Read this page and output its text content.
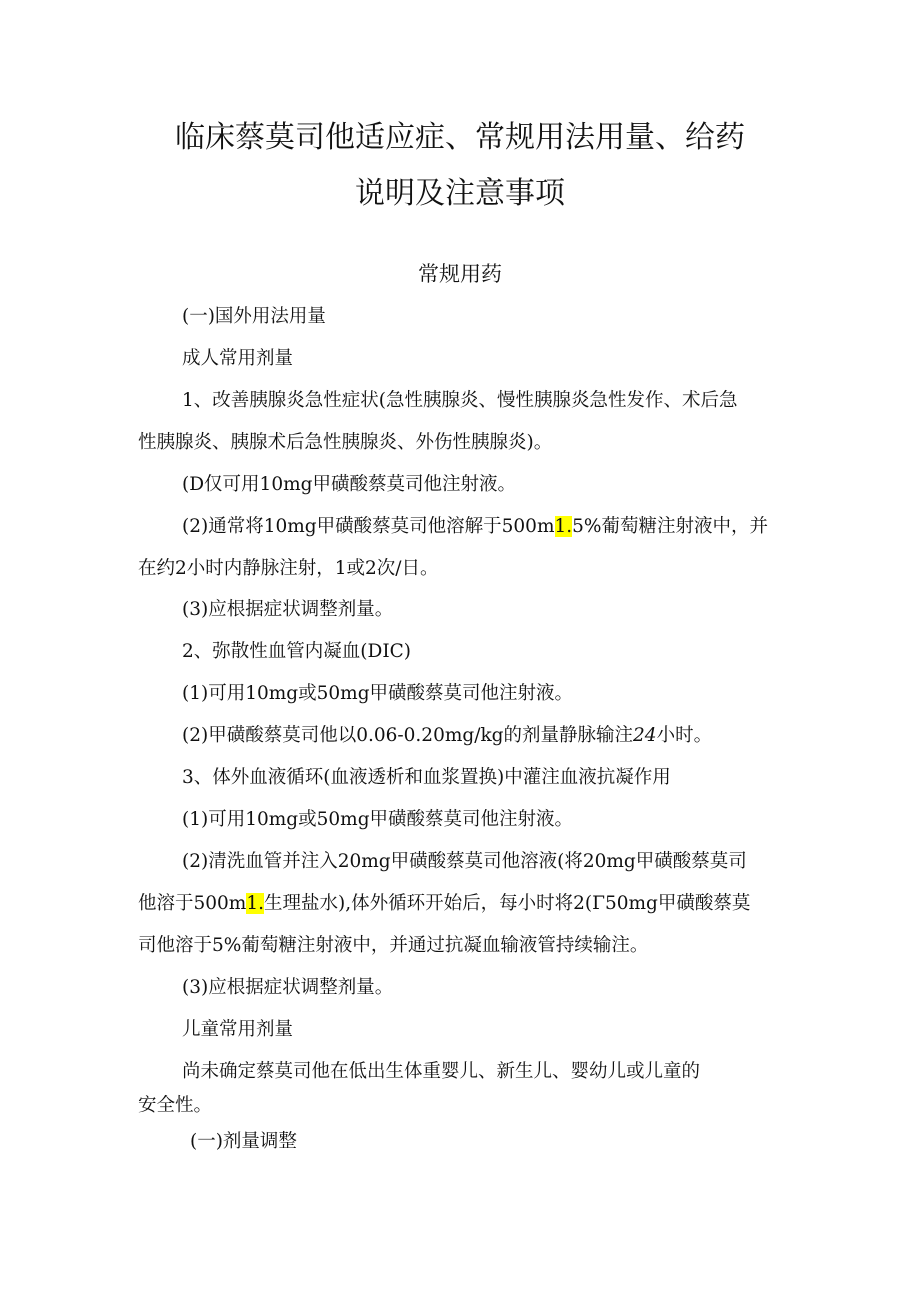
临床蔡莫司他适应症、常规用法用量、给药
说明及注意事项
常规用药
(一)国外用法用量
成人常用剂量
1、改善胰腺炎急性症状(急性胰腺炎、慢性胰腺炎急性发作、术后急
性胰腺炎、胰腺术后急性胰腺炎、外伤性胰腺炎)。
(D仅可用10mg甲磺酸蔡莫司他注射液。
(2)通常将10mg甲磺酸蔡莫司他溶解于500m1.5%葡萄糖注射液中，并
在约2小时内静脉注射，1或2次/日。
(3)应根据症状调整剂量。
2、弥散性血管内凝血(DIC)
(1)可用10mg或50mg甲磺酸蔡莫司他注射液。
(2)甲磺酸蔡莫司他以0.06-0.20mg/kg的剂量静脉输注24小时。
3、体外血液循环(血液透析和血浆置换)中灌注血液抗凝作用
(1)可用10mg或50mg甲磺酸蔡莫司他注射液。
(2)清洗血管并注入20mg甲磺酸蔡莫司他溶液(将20mg甲磺酸蔡莫司
他溶于500m1.生理盐水),体外循环开始后，每小时将2(Γ50mg甲磺酸蔡莫
司他溶于5%葡萄糖注射液中，并通过抗凝血输液管持续输注。
(3)应根据症状调整剂量。
儿童常用剂量
尚未确定蔡莫司他在低出生体重婴儿、新生儿、婴幼儿或儿童的
安全性。
(一)剂量调整
